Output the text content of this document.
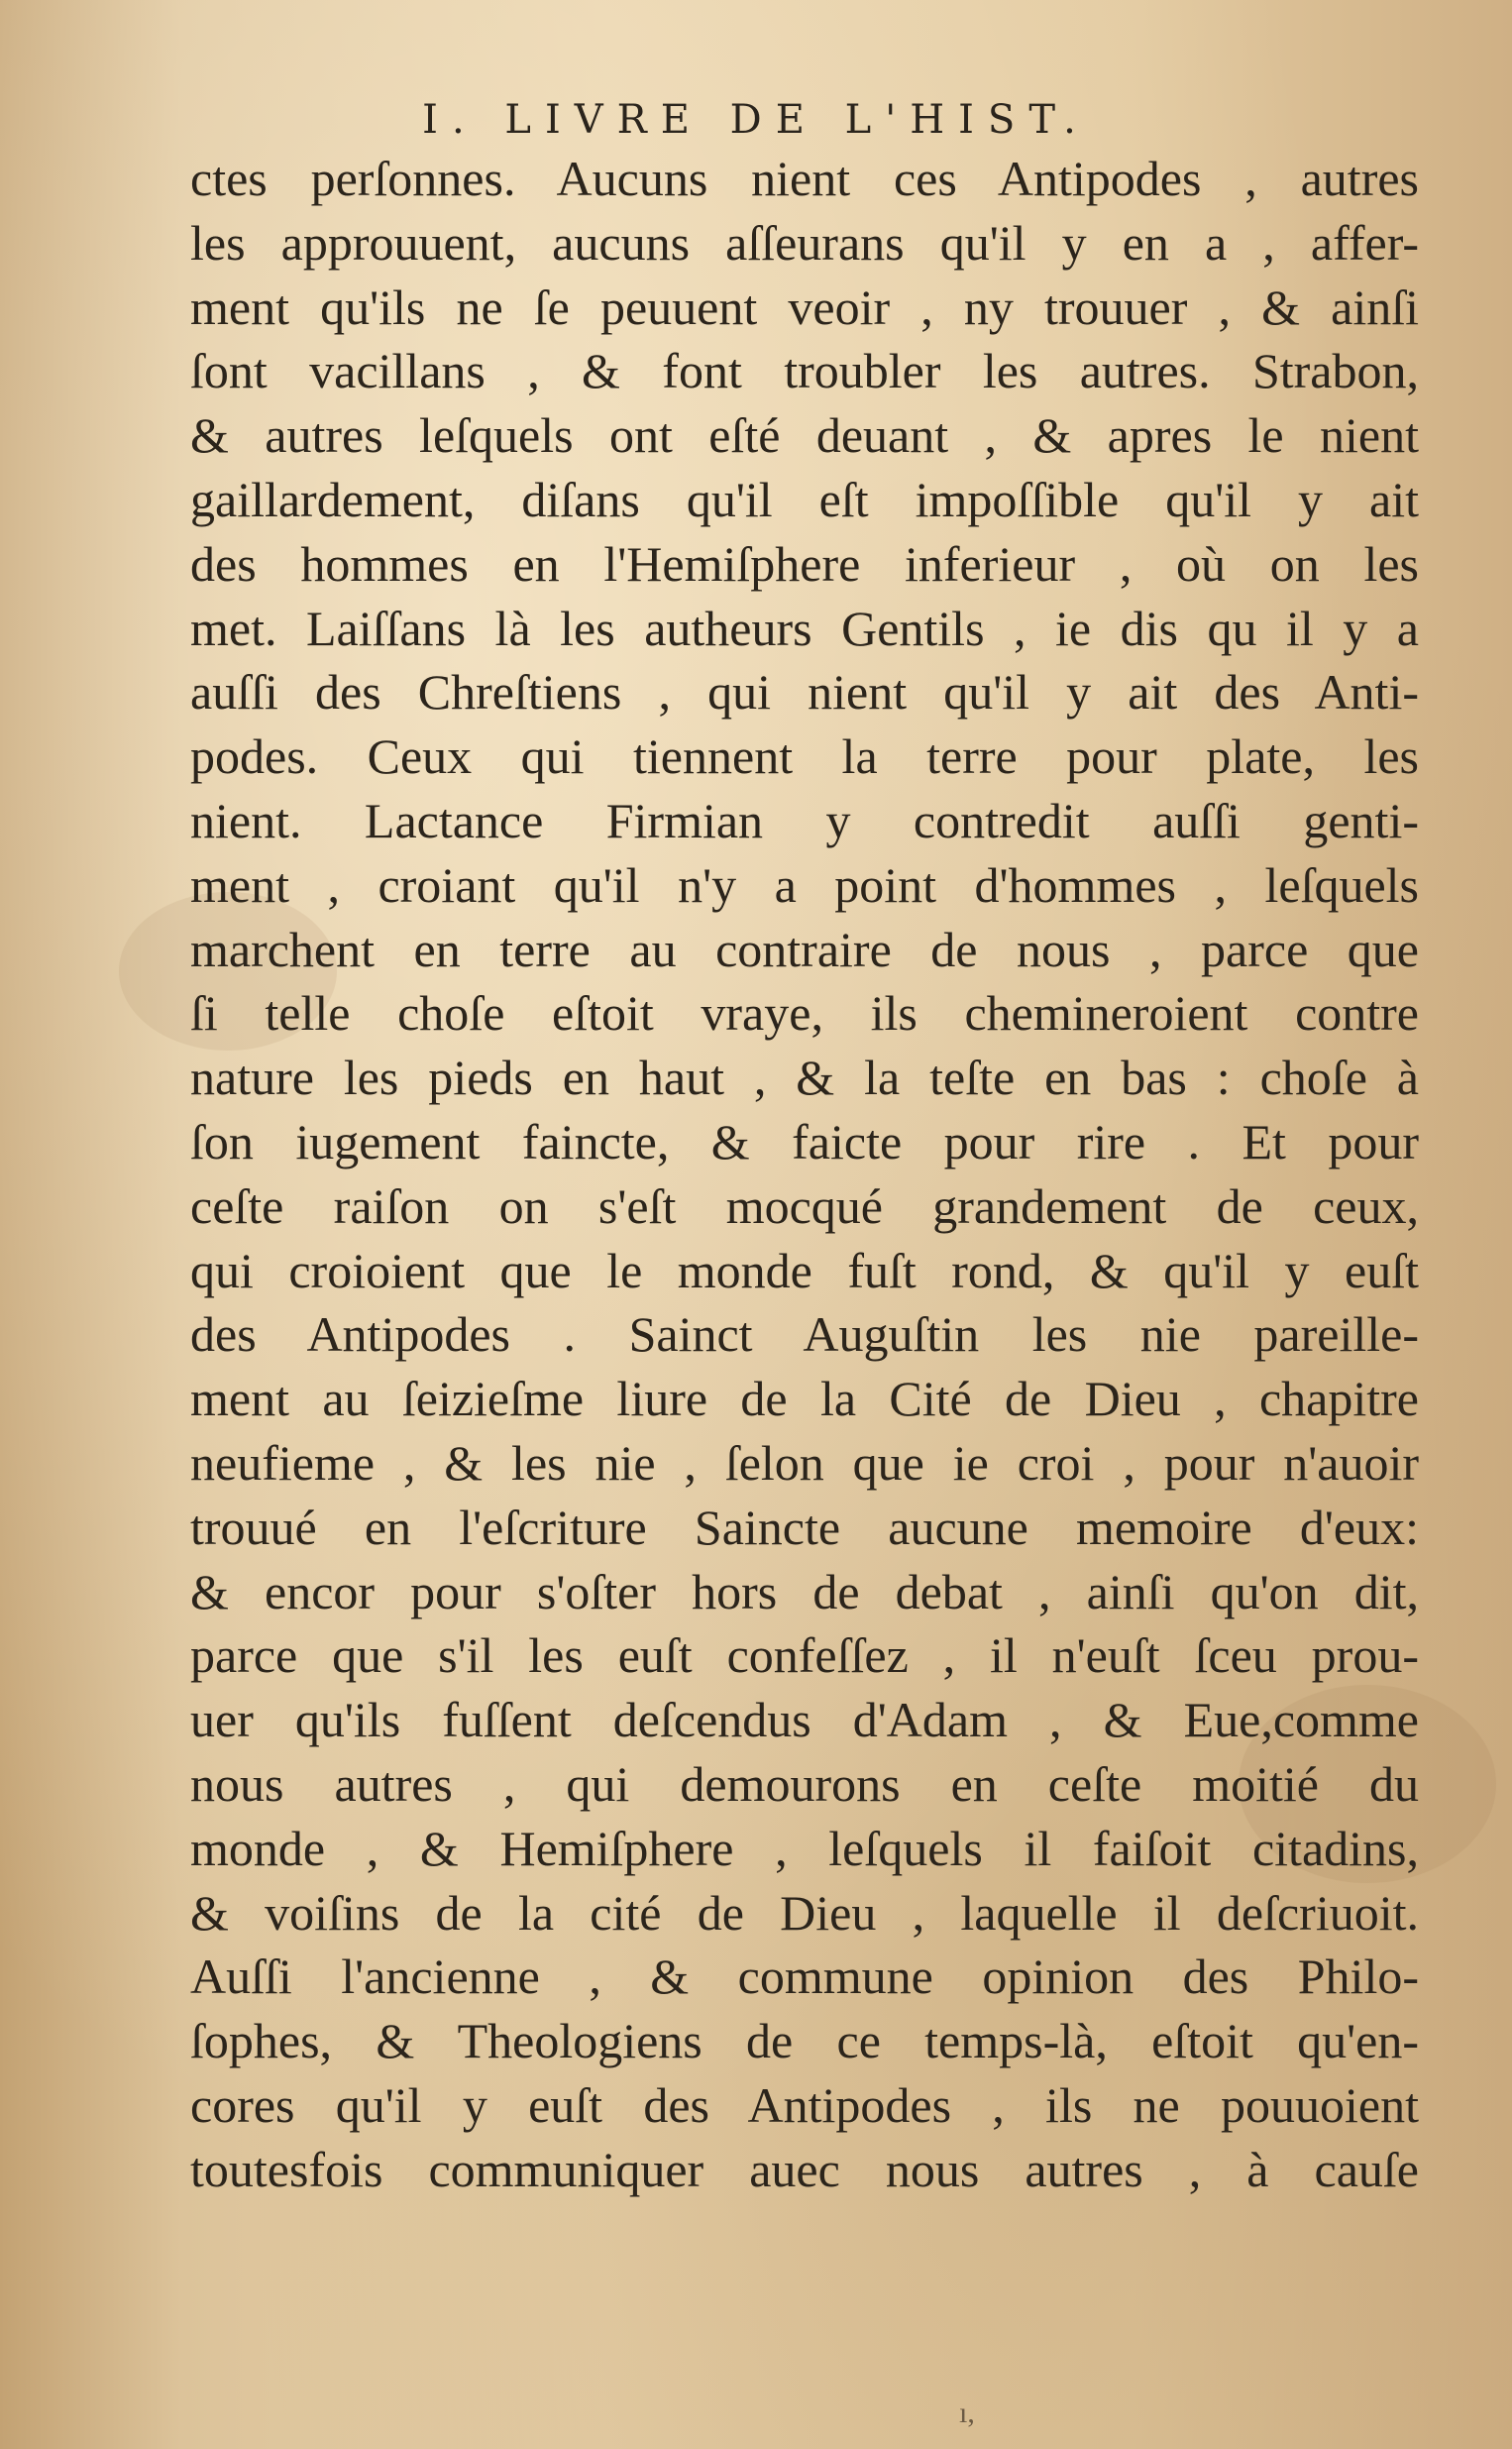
I. LIVRE DE L'HIST.
ctes perſonnes. Aucuns nient ces Antipodes , autres
les approuuent, aucuns aſſeurans qu'il y en a , affer-
ment qu'ils ne ſe peuuent veoir , ny trouuer , & ainſi
ſont vacillans , & font troubler les autres. Strabon,
& autres leſquels ont eſté deuant , & apres le nient
gaillardement, diſans qu'il eſt impoſſible qu'il y ait
des hommes en l'Hemiſphere inferieur , où on les
met. Laiſſans là les autheurs Gentils , ie dis qu il y a
auſſi des Chreſtiens , qui nient qu'il y ait des Anti-
podes. Ceux qui tiennent la terre pour plate, les
nient. Lactance Firmian y contredit auſſi genti-
ment , croiant qu'il n'y a point d'hommes , leſquels
marchent en terre au contraire de nous , parce que
ſi telle choſe eſtoit vraye, ils chemineroient contre
nature les pieds en haut , & la teſte en bas : choſe à
ſon iugement faincte, & faicte pour rire . Et pour
ceſte raiſon on s'eſt mocqué grandement de ceux,
qui croioient que le monde fuſt rond, & qu'il y euſt
des Antipodes . Sainct Auguſtin les nie pareille-
ment au ſeizieſme liure de la Cité de Dieu , chapitre
neufieme , & les nie , ſelon que ie croi , pour n'auoir
trouué en l'eſcriture Saincte aucune memoire d'eux:
& encor pour s'oſter hors de debat , ainſi qu'on dit,
parce que s'il les euſt confeſſez , il n'euſt ſceu prou-
uer qu'ils fuſſent deſcendus d'Adam , & Eue,comme
nous autres , qui demourons en ceſte moitié du
monde , & Hemiſphere , leſquels il faiſoit citadins,
& voiſins de la cité de Dieu , laquelle il deſcriuoit.
Auſſi l'ancienne , & commune opinion des Philo-
ſophes, & Theologiens de ce temps-là, eſtoit qu'en-
cores qu'il y euſt des Antipodes , ils ne pouuoient
toutesfois communiquer auec nous autres , à cauſe
ı,
